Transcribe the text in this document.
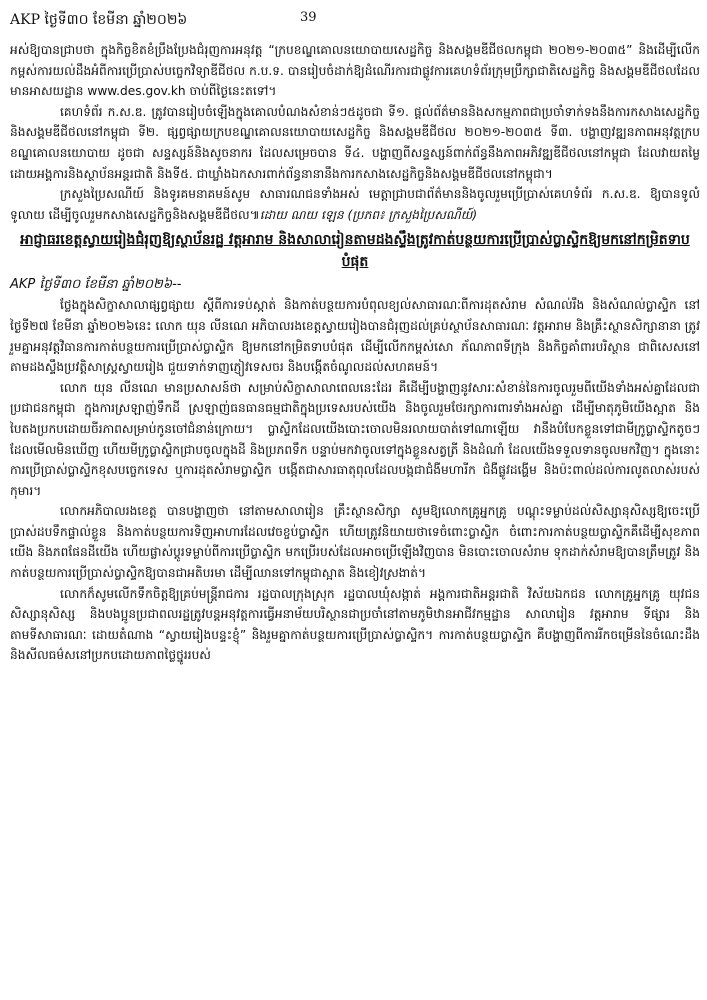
AKP ថ្ងៃទី៣០ ខែមីនា ឆ្នាំ២០២៦	39

អស់ឱ្យបានជ្រាបថា ក្នុងកិច្ចខិតខំប្រឹងប្រែងជំរុញការអនុវត្ត “ក្របខណ្ឌគោលនយោបាយសេដ្ឋកិច្ច និងសង្គមឌីជីថលកម្ពុជា ២០២១-២០៣៥” និងដើម្បីលើកកម្ពស់ការយល់ដឹងអំពីការប្រើប្រាស់បច្ចេកវិទ្យាឌីជីថល ក.ប.ទ. បានរៀបចំដាក់ឱ្យដំណើរការជាផ្លូវការគេហទំព័រក្រុមប្រឹក្សាជាតិសេដ្ឋកិច្ច និងសង្គមឌីជីថលដែលមានអាសយដ្ឋាន www.des.gov.kh ចាប់ពីថ្ងៃនេះតទៅ។

គេហទំព័រ ក.ស.ឌ. ត្រូវបានរៀបចំឡើងក្នុងគោលបំណងសំខាន់ៗ៥ដូចជា ទី១. ផ្តល់ព័ត៌មាននិងសកម្មភាពជាប្រចាំទាក់ទងនឹងការកសាងសេដ្ឋកិច្ចនិងសង្គមឌីជីថលនៅកម្ពុជា ទី២. ផ្សព្វផ្សាយក្របខណ្ឌគោលនយោបាយសេដ្ឋកិច្ច និងសង្គមឌីជីថល ២០២១-២០៣៥ ទី៣. បង្ហាញវឌ្ឍនភាពអនុវត្តក្របខណ្ឌគោលនយោបាយ ដូចជា សន្ទស្សន៍និងសូចនាករ ដែលសម្រេចបាន ទី៤. បង្ហាញពីសន្ទស្សន៍ពាក់ព័ន្ធនឹងភាពអភិវឌ្ឍឌីជីថលនៅកម្ពុជា ដែលវាយតម្លៃដោយអង្គការនិងស្ថាប័នអន្តរជាតិ និងទី៥. ជាឃ្លាំងឯកសារពាក់ព័ន្ធនានានឹងការកសាងសេដ្ឋកិច្ចនិងសង្គមឌីជីថលនៅកម្ពុជា។

ក្រសួងប្រៃសណីយ៍ និងទូរគមនាគមន៍សូម សាធារណជនទាំងអស់ មេត្តាជ្រាបជាព័ត៌មាននិងចូលរួមប្រើប្រាស់គេហទំព័រ ក.ស.ឌ. ឱ្យបានទូលំទូលាយ ដើម្បីចូលរួមកសាងសេដ្ឋកិច្ចនិងសង្គមឌីជីថល៕ដោយ ណយ ឡេន (ប្រភព៖ ក្រសួងប្រៃសណីយ៍)

អាជ្ញាធរខេត្តស្វាយរៀងជំរុញឱ្យស្ថាប័នរដ្ឋ វត្តអារាម និងសាលារៀនតាមដងស្ទឹងត្រូវកាត់បន្ថយការប្រើប្រាស់ប្លាស្ទិកឱ្យមកនៅកម្រិតទាបបំផុត
AKP ថ្ងៃទី៣០ ខែមីនា ឆ្នាំ២០២៦--

ថ្លែងក្នុងសិក្ខាសាលាផ្សព្វផ្សាយ ស្តីពីការទប់ស្កាត់ និងកាត់បន្ថយការបំពុលខ្យល់សាធារណៈពីការដុតសំរាម សំណល់រឹង និងសំណល់ប្លាស្ទិក នៅថ្ងៃទី២៧ ខែមីនា ឆ្នាំ២០២៦នេះ លោក យុន លីនណេ អភិបាលរងខេត្តស្វាយរៀងបានជំរុញដល់គ្រប់ស្ថាប័នសាធារណៈ វត្តអារាម និងគ្រឹះស្ថានសិក្សានានា ត្រូវរួមគ្នាអនុវត្តវិធានការកាត់បន្ថយការប្រើប្រាស់ប្លាស្ទិក ឱ្យមកនៅកម្រិតទាបបំផុត ដើម្បីលើកកម្ពស់សោ ភ័ណភាពទីក្រុង និងកិច្ចគាំពារបរិស្ថាន ជាពិសេសនៅតាមដងស្ទឹងប្រវត្តិសាស្ត្រស្វាយរៀង ជួយទាក់ទាញភ្ញៀវទេសចរ និងបង្កើតចំណូលដល់សហគមន៍។

លោក យុន លីនណេ មានប្រសាសន៍ថា សម្រាប់សិក្ខាសាលាពេលនេះដែរ គឺដើម្បីបង្ហាញនូវសារៈសំខាន់នៃការចូលរួមពីយើងទាំងអស់គ្នាដែលជាប្រជាជនកម្ពុជា ក្នុងការស្រឡាញ់ទឹកដី ស្រឡាញ់ធនធានធម្មជាតិក្នុងប្រទេសរបស់យើង និងចូលរួមថែរក្សាការពារទាំងអស់គ្នា ដើម្បីមាតុភូមិយើងស្អាត និងបៃតងប្រកបដោយចីរភាពសម្រាប់កូនចៅជំនាន់ក្រោយ។ ប្លាស្ទិកដែលយើងបោះចោលមិនរលាយបាត់ទៅណាឡើយ វានឹងបំបែកខ្លួនទៅជាមីក្រូប្លាស្ទិកតូចៗ ដែលមើលមិនឃើញ ហើយមីក្រូប្លាស្ទិកជ្រាបចូលក្នុងដី និងប្រភពទឹក បន្ទាប់មកវាចូលទៅក្នុងខ្លួនសត្វត្រី និងដំណាំ ដែលយើងទទួលទានចូលមកវិញ។ ក្នុងនោះការប្រើប្រាស់ប្លាស្ទិកខុសបច្ចេកទេស ឬការដុតសំរាមប្លាស្ទិក បង្កើតជាសារធាតុពុលដែលបង្កជាជំងឺមហារីក ជំងឺផ្លូវដង្ហើម និងប៉ះពាល់ដល់ការលូតលាស់របស់កុមារ។

លោកអភិបាលរងខេត្ត បានបង្ហាញថា នៅតាមសាលារៀន គ្រឹះស្ថានសិក្សា សូមឱ្យលោកគ្រូអ្នកគ្រូ បណ្តុះទម្លាប់ដល់សិស្សានុសិស្សឱ្យចេះប្រើប្រាស់ដបទឹកផ្ទាល់ខ្លួន និងកាត់បន្ថយការទិញអាហារដែលវេចខ្ចប់ប្លាស្ទិក ហើយត្រូវនិយាយថាទេចំពោះប្លាស្ទិក ចំពោះការកាត់បន្ថយប្លាស្ទិកគឺដើម្បីសុខភាពយើង និងភពផែនដីយើង ហើយផ្លាស់ប្តូរទម្លាប់ពីការប្រើប្លាស្ទិក មកប្រើរបស់ដែលអាចប្រើឡើងវិញបាន មិនបោះចោលសំរាម ទុកដាក់សំរាមឱ្យបានត្រឹមត្រូវ និងកាត់បន្ថយការប្រើប្រាស់ប្លាស្ទិកឱ្យបានជាអតិបរមា ដើម្បីឈានទៅកម្ពុជាស្អាត និងខៀវស្រងាត់។

លោកក៏សូមលើកទឹកចិត្តឱ្យគ្រប់មន្ត្រីរាជការ រដ្ឋបាលក្រុងស្រុក រដ្ឋបាលឃុំសង្កាត់ អង្គការជាតិអន្តរជាតិ វិស័យឯកជន លោកគ្រូអ្នកគ្រូ យុវជនសិស្សានុសិស្ស និងបងប្អូនប្រជាពលរដ្ឋត្រូវបន្តអនុវត្តការធ្វើអនាម័យបរិស្ថានជាប្រចាំនៅតាមភូមិឋានអាជីវកម្មដ្ឋាន សាលារៀន វត្តអារាម ទីផ្សារ និងតាមទីសាធារណៈ ដោយតំណាង “ស្វាយរៀងបន្ទះខ្ញុំ” និងរួមគ្នាកាត់បន្ថយការប្រើប្រាស់ប្លាស្ទិក។ ការកាត់បន្ថយប្លាស្ទិក គឺបង្ហាញពីការរីកចម្រើននៃចំណេះដឹង និងសីលធម៌សនៅប្រកបដោយភាពថ្លៃថ្នូររបស់
